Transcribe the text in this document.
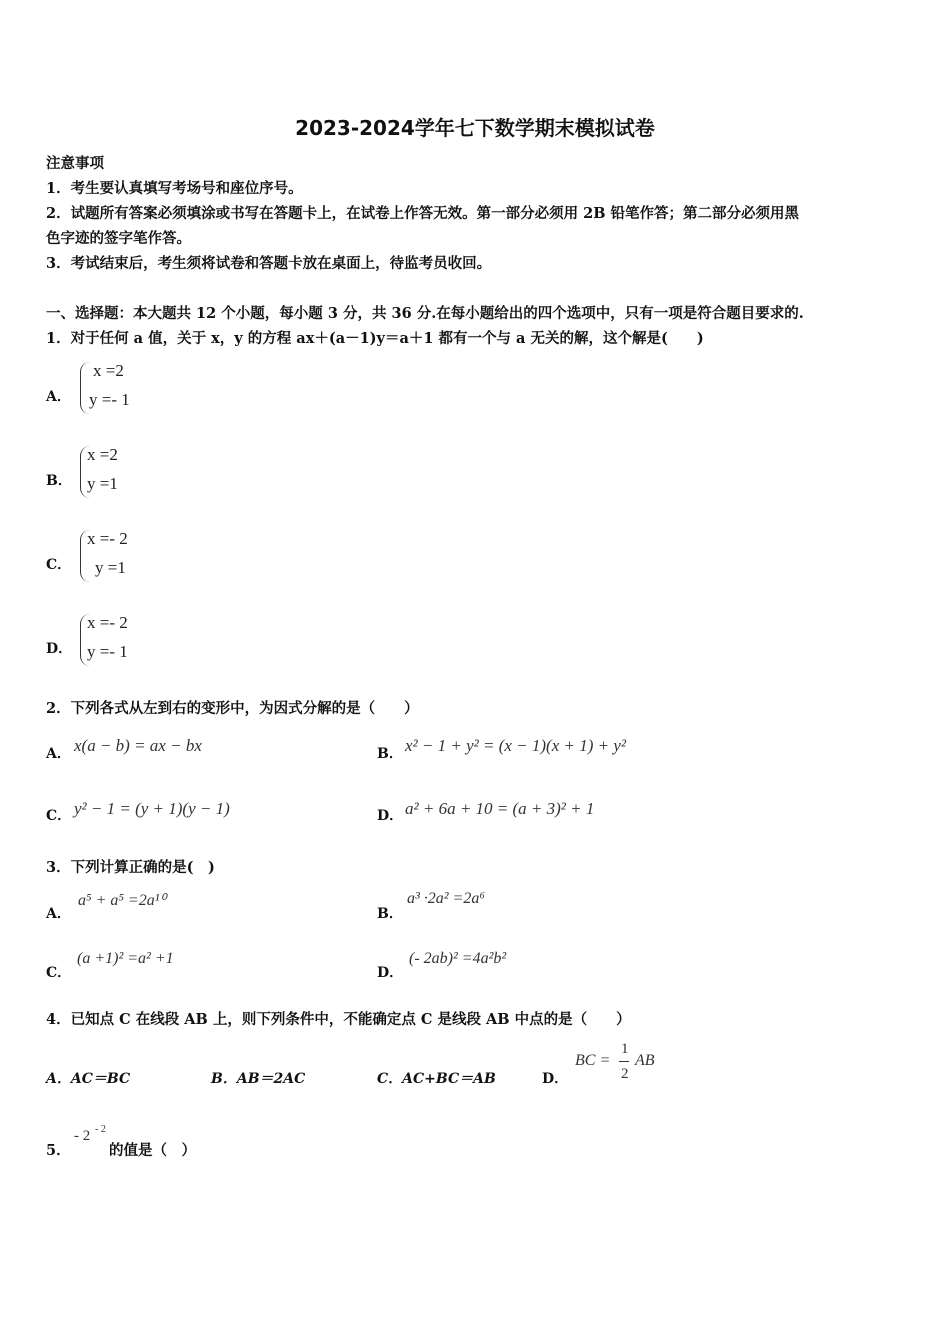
2023-2024学年七下数学期末模拟试卷
注意事项
1．考生要认真填写考场号和座位序号。
2．试题所有答案必须填涂或书写在答题卡上，在试卷上作答无效。第一部分必须用 2B 铅笔作答；第二部分必须用黑
色字迹的签字笔作答。
3．考试结束后，考生须将试卷和答题卡放在桌面上，待监考员收回。
一、选择题：本大题共 12 个小题，每小题 3 分，共 36 分.在每小题给出的四个选项中，只有一项是符合题目要求的.
1．对于任何 a 值，关于 x，y 的方程 ax＋(a－1)y＝a＋1 都有一个与 a 无关的解，这个解是(　　)
A．
x =2
y =- 1
B．
x =2
y =1
C．
x =- 2
y =1
D．
x =- 2
y =- 1
2．下列各式从左到右的变形中，为因式分解的是（　　）
A． x(a − b) = ax − bx	B． x² − 1 + y² = (x − 1)(x + 1) + y²
C． y² − 1 = (y + 1)(y − 1)	D． a² + 6a + 10 = (a + 3)² + 1
3．下列计算正确的是(　)
A．
a⁵ + a⁵ =2a¹⁰
B．
a³ ·2a² =2a⁶
C．
(a +1)² =a² +1
D．
(- 2ab)² =4a²b²
4．已知点 C 在线段 AB 上，则下列条件中，不能确定点 C 是线段 AB 中点的是（　　）
A．AC＝BC	B．AB＝2AC	C．AC+BC＝AB	D．
BC =
1
2
AB
5．
- 2 - 2
的值是（　）
